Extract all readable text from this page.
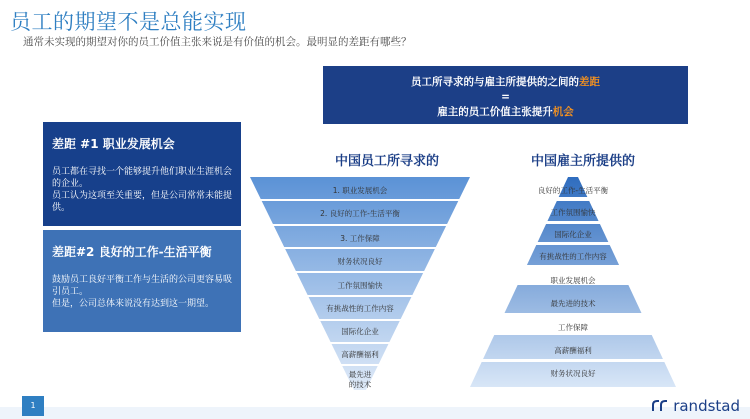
员工的期望不是总能实现
通常未实现的期望对你的员工价值主张来说是有价值的机会。最明显的差距有哪些？
员工所寻求的与雇主所提供的之间的差距
=
雇主的员工价值主张提升机会
差距 #1 职业发展机会

员工都在寻找一个能够提升他们职业生涯机会的企业。
员工认为这项至关重要，但是公司常常未能提供。

差距#2 良好的工作-生活平衡

鼓励员工良好平衡工作与生活的公司更容易吸引员工。
但是，公司总体来说没有达到这一期望。

中国员工所寻求的	中国雇主所提供的
1. 职业发展机会
2. 良好的工作-生活平衡
3. 工作保障
财务状况良好
工作氛围愉快
有挑战性的工作内容
国际化企业
高薪酬福利
最先进
的技术
良好的工作-生活平衡
工作氛围愉快
国际化企业
有挑战性的工作内容
职业发展机会
最先进的技术
工作保障
高薪酬福利
财务状况良好
1	randstad
